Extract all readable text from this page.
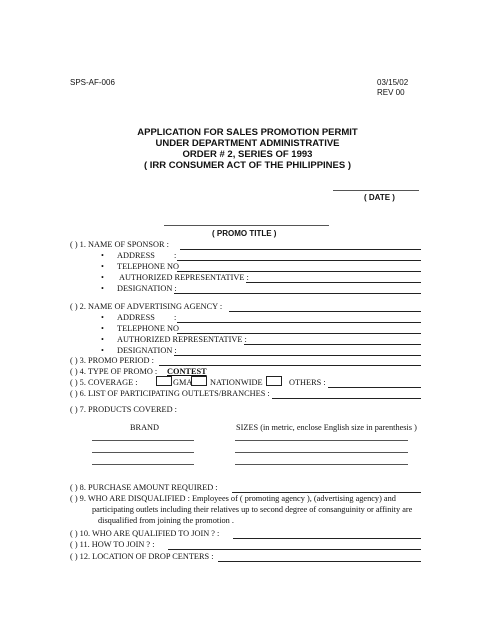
SPS-AF-006	03/15/02
REV 00
APPLICATION FOR SALES PROMOTION PERMIT
UNDER DEPARTMENT ADMINISTRATIVE
ORDER # 2, SERIES OF 1993
( IRR CONSUMER ACT OF THE PHILIPPINES )
( DATE )
( PROMO TITLE )
( ) 1. NAME OF SPONSOR :
• ADDRESS :
• TELEPHONE NO
• AUTHORIZED REPRESENTATIVE :
• DESIGNATION :
( ) 2. NAME OF ADVERTISING AGENCY :
• ADDRESS :
• TELEPHONE NO
• AUTHORIZED REPRESENTATIVE :
• DESIGNATION :
( ) 3. PROMO PERIOD :
( ) 4. TYPE OF PROMO : CONTEST
( ) 5. COVERAGE :	GMA NATIONWIDE	OTHERS :
( ) 6. LIST OF PARTICIPATING OUTLETS/BRANCHES :
( ) 7. PRODUCTS COVERED :
BRAND	SIZES (in metric, enclose English size in parenthesis )
( ) 8. PURCHASE AMOUNT REQUIRED :
( ) 9. WHO ARE DISQUALIFIED : Employees of ( promoting agency ), (advertising agency) and
participating outlets including their relatives up to second degree of consanguinity or affinity are
disqualified from joining the promotion .
( ) 10. WHO ARE QUALIFIED TO JOIN ? :
( ) 11. HOW TO JOIN ? :
( ) 12. LOCATION OF DROP CENTERS :
